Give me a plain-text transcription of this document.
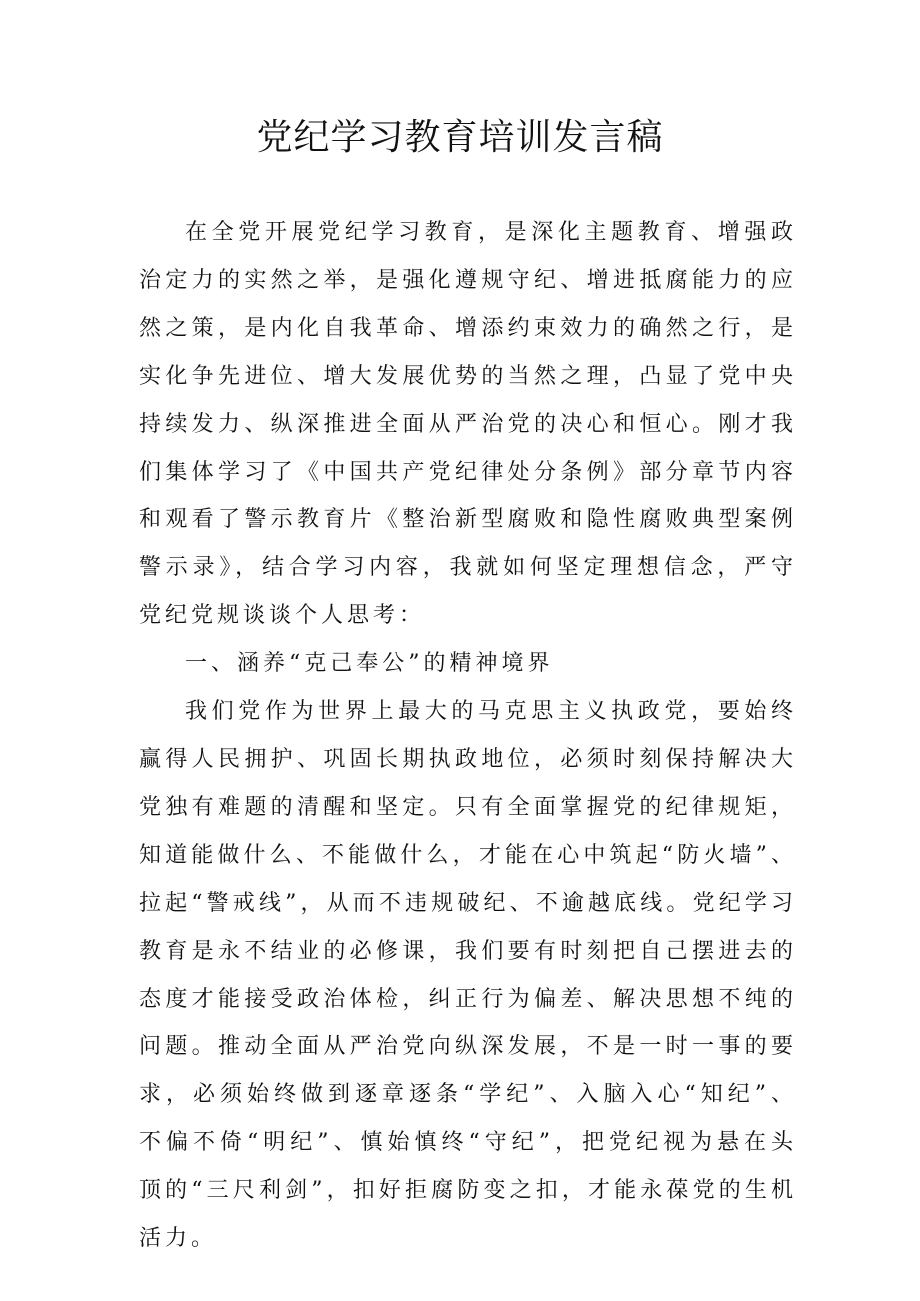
党纪学习教育培训发言稿

在全党开展党纪学习教育，是深化主题教育、增强政治定力的实然之举，是强化遵规守纪、增进抵腐能力的应然之策，是内化自我革命、增添约束效力的确然之行，是实化争先进位、增大发展优势的当然之理，凸显了党中央持续发力、纵深推进全面从严治党的决心和恒心。刚才我们集体学习了《中国共产党纪律处分条例》部分章节内容和观看了警示教育片《整治新型腐败和隐性腐败典型案例警示录》，结合学习内容，我就如何坚定理想信念，严守党纪党规谈谈个人思考：

一、涵养“克己奉公”的精神境界

我们党作为世界上最大的马克思主义执政党，要始终赢得人民拥护、巩固长期执政地位，必须时刻保持解决大党独有难题的清醒和坚定。只有全面掌握党的纪律规矩，知道能做什么、不能做什么，才能在心中筑起“防火墙”、拉起“警戒线”，从而不违规破纪、不逾越底线。党纪学习教育是永不结业的必修课，我们要有时刻把自己摆进去的态度才能接受政治体检，纠正行为偏差、解决思想不纯的问题。推动全面从严治党向纵深发展，不是一时一事的要求，必须始终做到逐章逐条“学纪”、入脑入心“知纪”、不偏不倚“明纪”、慎始慎终“守纪”，把党纪视为悬在头顶的“三尺利剑”，扣好拒腐防变之扣，才能永葆党的生机活力。
